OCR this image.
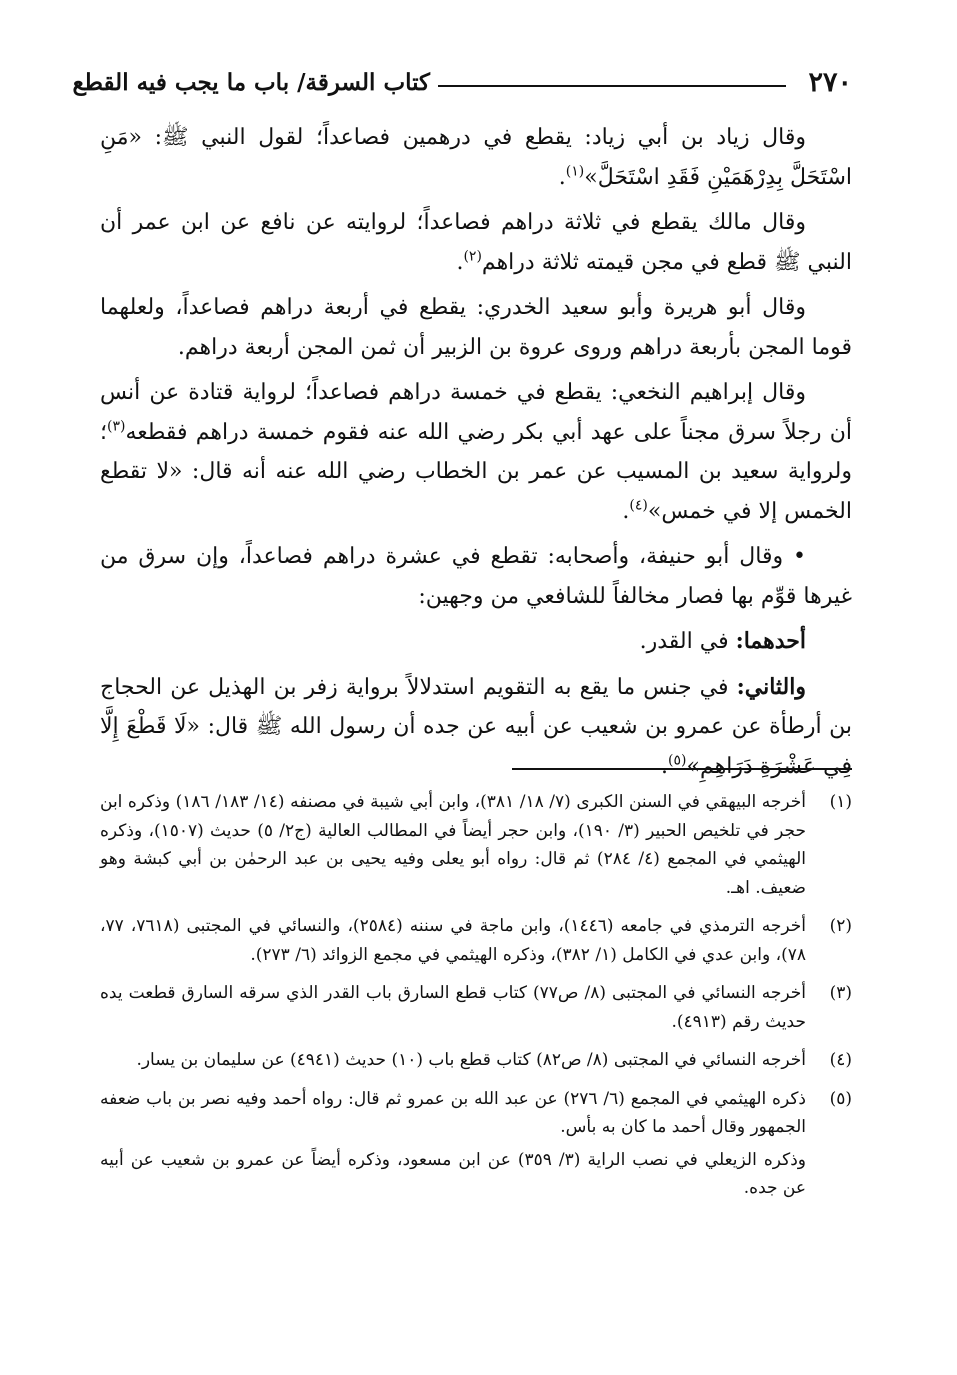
٢٧٠
كتاب السرقة/ باب ما يجب فيه القطع

وقال زياد بن أبي زياد: يقطع في درهمين فصاعداً؛ لقول النبي ﷺ: «مَنِ اسْتَحَلَّ بِدِرْهَمَيْنِ فَقَدِ اسْتَحَلَّ»$^{(١)}$.

وقال مالك يقطع في ثلاثة دراهم فصاعداً؛ لروايته عن نافع عن ابن عمر أن النبي ﷺ قطع في مجن قيمته ثلاثة دراهم$^{(٢)}$.

وقال أبو هريرة وأبو سعيد الخدري: يقطع في أربعة دراهم فصاعداً، ولعلهما قوما المجن بأربعة دراهم وروى عروة بن الزبير أن ثمن المجن أربعة دراهم.

وقال إبراهيم النخعي: يقطع في خمسة دراهم فصاعداً؛ لرواية قتادة عن أنس أن رجلاً سرق مجناً على عهد أبي بكر رضي الله عنه فقوم خمسة دراهم فقطعه$^{(٣)}$؛ ولرواية سعيد بن المسيب عن عمر بن الخطاب رضي الله عنه أنه قال: «لا تقطع الخمس إلا في خمس»$^{(٤)}$.

• وقال أبو حنيفة، وأصحابه: تقطع في عشرة دراهم فصاعداً، وإن سرق من غيرها قوِّم بها فصار مخالفاً للشافعي من وجهين:

أحدهما: في القدر.

والثاني: في جنس ما يقع به التقويم استدلالاً برواية زفر بن الهذيل عن الحجاج بن أرطأة عن عمرو بن شعيب عن أبيه عن جده أن رسول الله ﷺ قال: «لَا قَطْعَ إِلَّا فِي عَشْرَةِ دَرَاهِمِ»$^{(٥)}$.

(١)

أخرجه البيهقي في السنن الكبرى (٧/ ١٨/ ٣٨١)، وابن أبي شيبة في مصنفه (١٤/ ١٨٣/ ١٨٦) وذكره ابن حجر في تلخيص الحبير (٣/ ١٩٠)، وابن حجر أيضاً في المطالب العالية (ج٢/ ٥) حديث (١٥٠٧)، وذكره الهيثمي في المجمع (٤/ ٢٨٤) ثم قال: رواه أبو يعلى وفيه يحيى بن عبد الرحمٰن بن أبي كبشة وهو ضعيف. اهـ.

(٢)

أخرجه الترمذي في جامعه (١٤٤٦)، وابن ماجة في سننه (٢٥٨٤)، والنسائي في المجتبى (٧٦١٨، ٧٧، ٧٨)، وابن عدي في الكامل (١/ ٣٨٢)، وذكره الهيثمي في مجمع الزوائد (٦/ ٢٧٣).

(٣)

أخرجه النسائي في المجتبى (٨/ ص٧٧) كتاب قطع السارق باب القدر الذي سرقه السارق قطعت يده حديث رقم (٤٩١٣).

(٤)

أخرجه النسائي في المجتبى (٨/ ص٨٢) كتاب قطع باب (١٠) حديث (٤٩٤١) عن سليمان بن يسار.

(٥)

ذكره الهيثمي في المجمع (٦/ ٢٧٦) عن عبد الله بن عمرو ثم قال: رواه أحمد وفيه نصر بن باب ضعفه الجمهور وقال أحمد ما كان به بأس.

وذكره الزيعلي في نصب الراية (٣/ ٣٥٩) عن ابن مسعود، وذكره أيضاً عن عمرو بن شعيب عن أبيه عن جده.
